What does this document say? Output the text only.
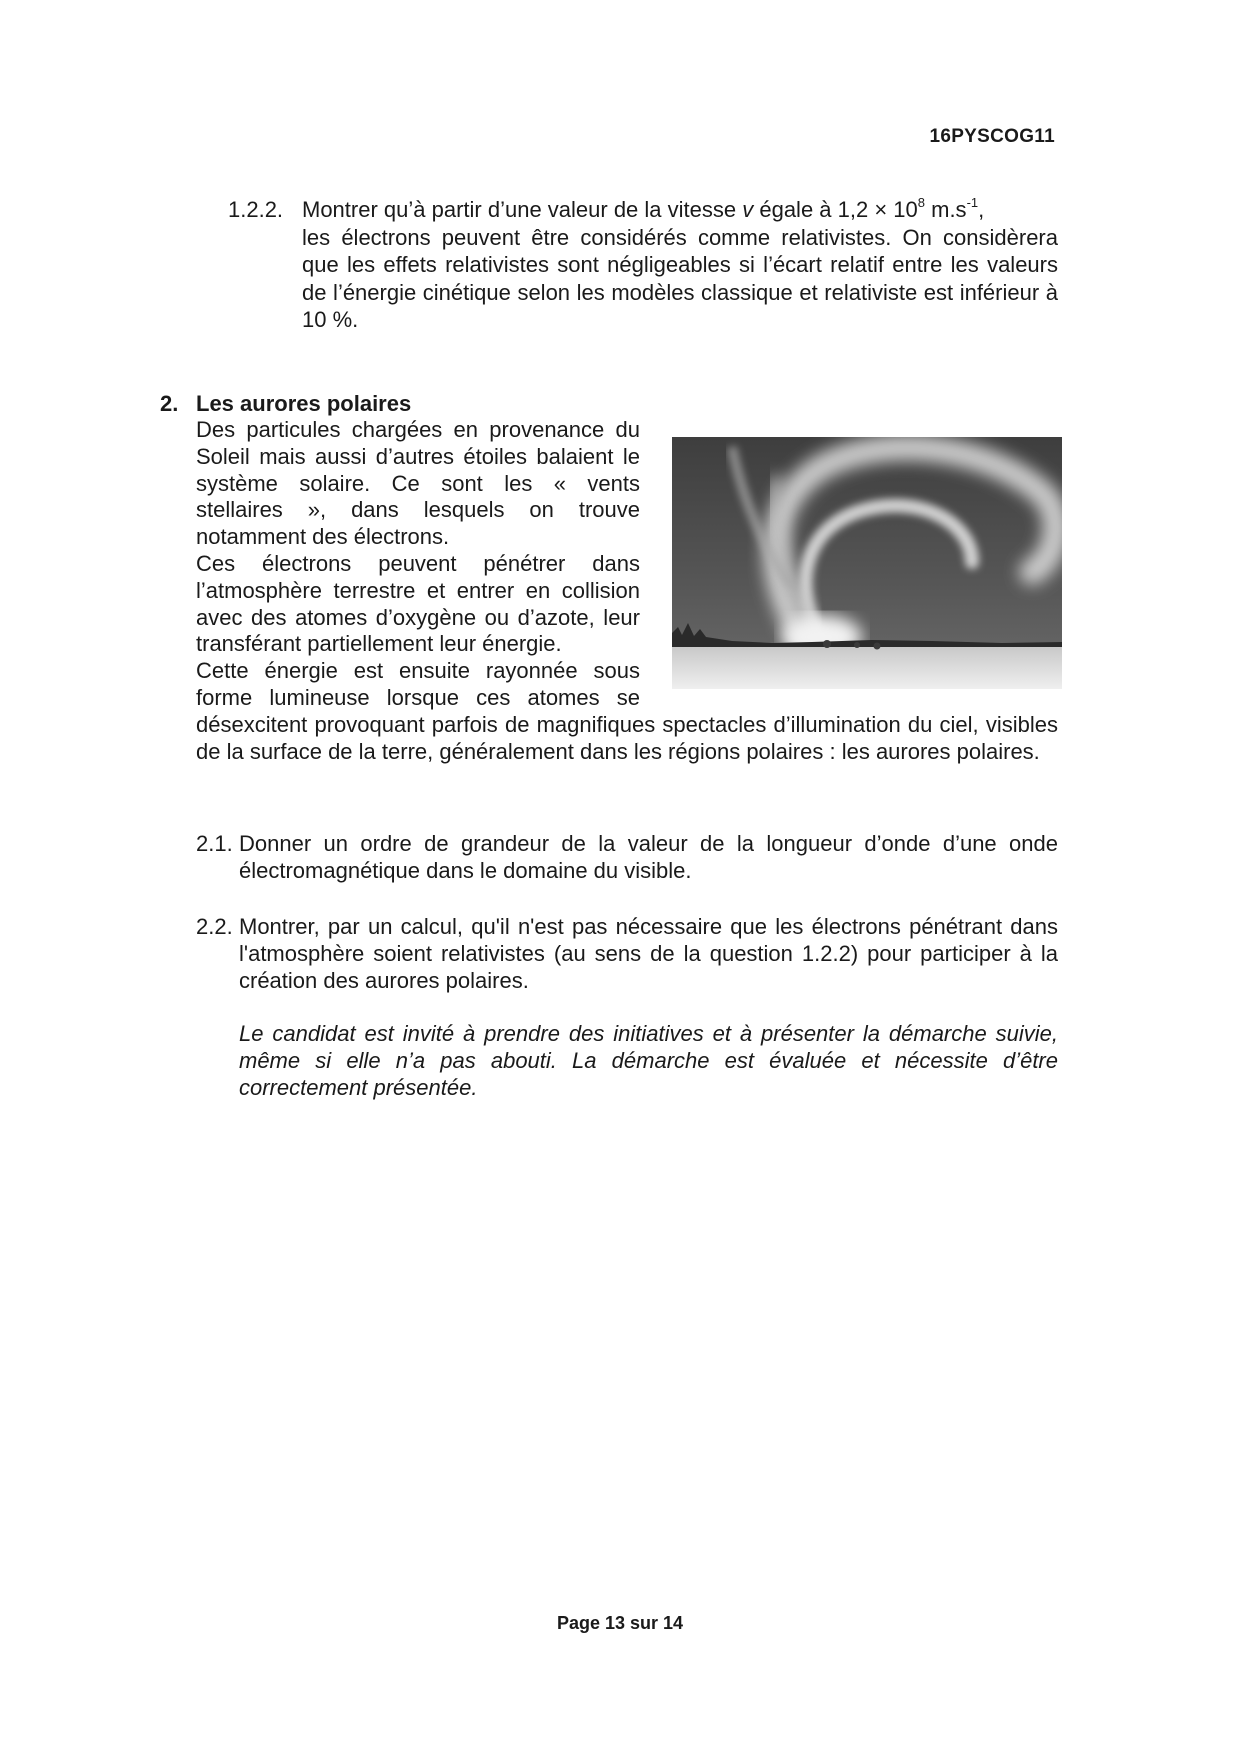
16PYSCOG11
1.2.2. Montrer qu’à partir d’une valeur de la vitesse v égale à $1,2 \times 10^8$ $m.s^{-1}$,

les électrons peuvent être considérés comme relativistes. On considèrera que les effets relativistes sont négligeables si l’écart relatif entre les valeurs de l’énergie cinétique selon les modèles classique et relativiste est inférieur à 10 %.

2. Les aurores polaires

Des particules chargées en provenance du Soleil mais aussi d’autres étoiles balaient le système solaire. Ce sont les « vents stellaires », dans lesquels on trouve notamment des électrons.

Ces électrons peuvent pénétrer dans l’atmosphère terrestre et entrer en collision avec des atomes d’oxygène ou d’azote, leur transférant partiellement leur énergie.

Cette énergie est ensuite rayonnée sous forme lumineuse lorsque ces atomes se désexcitent provoquant parfois de magnifiques spectacles d’illumination du ciel, visibles de la surface de la terre, généralement dans les régions polaires : les aurores polaires.

2.1. Donner un ordre de grandeur de la valeur de la longueur d’onde d’une onde électromagnétique dans le domaine du visible.
2.2. Montrer, par un calcul, qu'il n'est pas nécessaire que les électrons pénétrant dans l'atmosphère soient relativistes (au sens de la question 1.2.2) pour participer à la création des aurores polaires.
Le candidat est invité à prendre des initiatives et à présenter la démarche suivie, même si elle n’a pas abouti. La démarche est évaluée et nécessite d’être correctement présentée.
Page 13 sur 14
